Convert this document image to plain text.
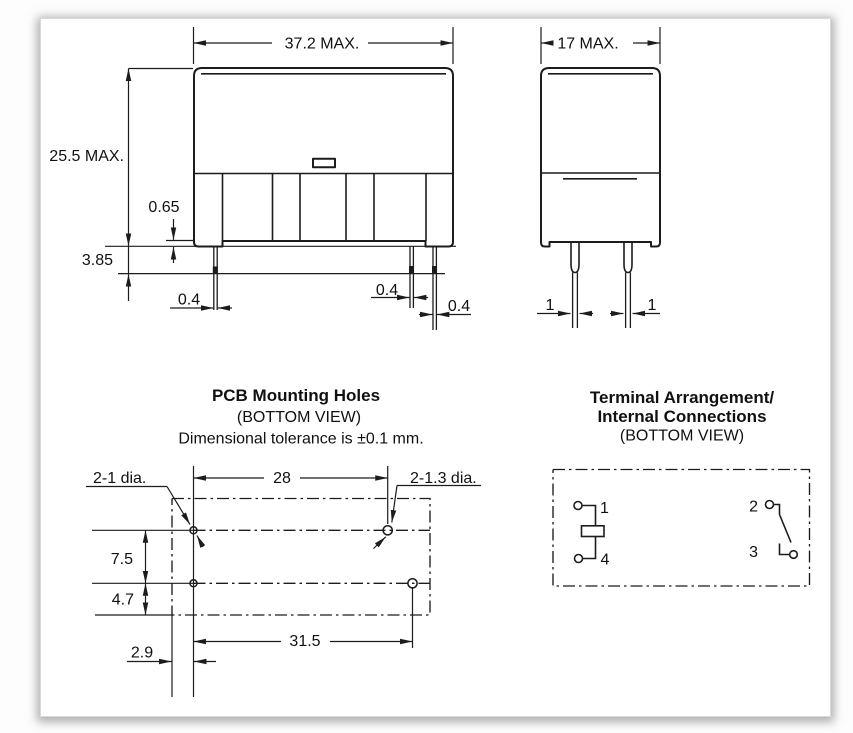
37.2 MAX.
25.5 MAX.
0.65
3.85
0.4
0.4
0.4
17 MAX.
1	1
PCB Mounting Holes
(BOTTOM VIEW)
Dimensional tolerance is ±0.1 mm.
28
31.5
7.5
4.7
2.9
2-1 dia.	2-1.3 dia.
Terminal Arrangement/
Internal Connections
(BOTTOM VIEW)
1
4
2
3
